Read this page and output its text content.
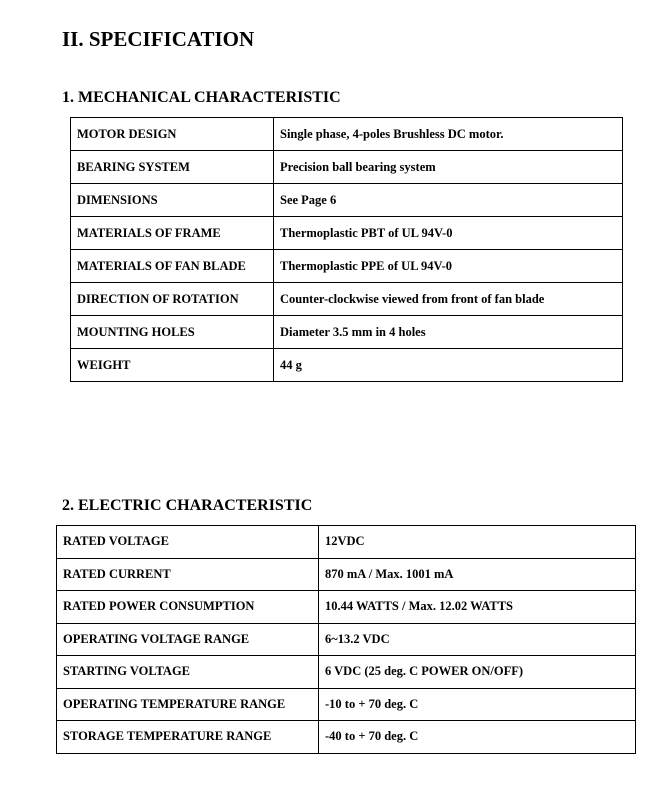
II. SPECIFICATION
1. MECHANICAL CHARACTERISTIC
MOTOR DESIGN	Single phase, 4-poles Brushless DC motor.
BEARING SYSTEM	Precision ball bearing system
DIMENSIONS	See Page 6
MATERIALS OF FRAME	Thermoplastic PBT of UL 94V-0
MATERIALS OF FAN BLADE	Thermoplastic PPE of UL 94V-0
DIRECTION OF ROTATION	Counter-clockwise viewed from front of fan blade
MOUNTING HOLES	Diameter 3.5 mm in 4 holes
WEIGHT	44 g
2. ELECTRIC CHARACTERISTIC
RATED VOLTAGE	12VDC
RATED CURRENT	870 mA / Max. 1001 mA
RATED POWER CONSUMPTION	10.44 WATTS / Max. 12.02 WATTS
OPERATING VOLTAGE RANGE	6~13.2 VDC
STARTING VOLTAGE	6 VDC (25 deg. C POWER ON/OFF)
OPERATING TEMPERATURE RANGE	-10 to + 70 deg. C
STORAGE TEMPERATURE RANGE	-40 to + 70 deg. C
